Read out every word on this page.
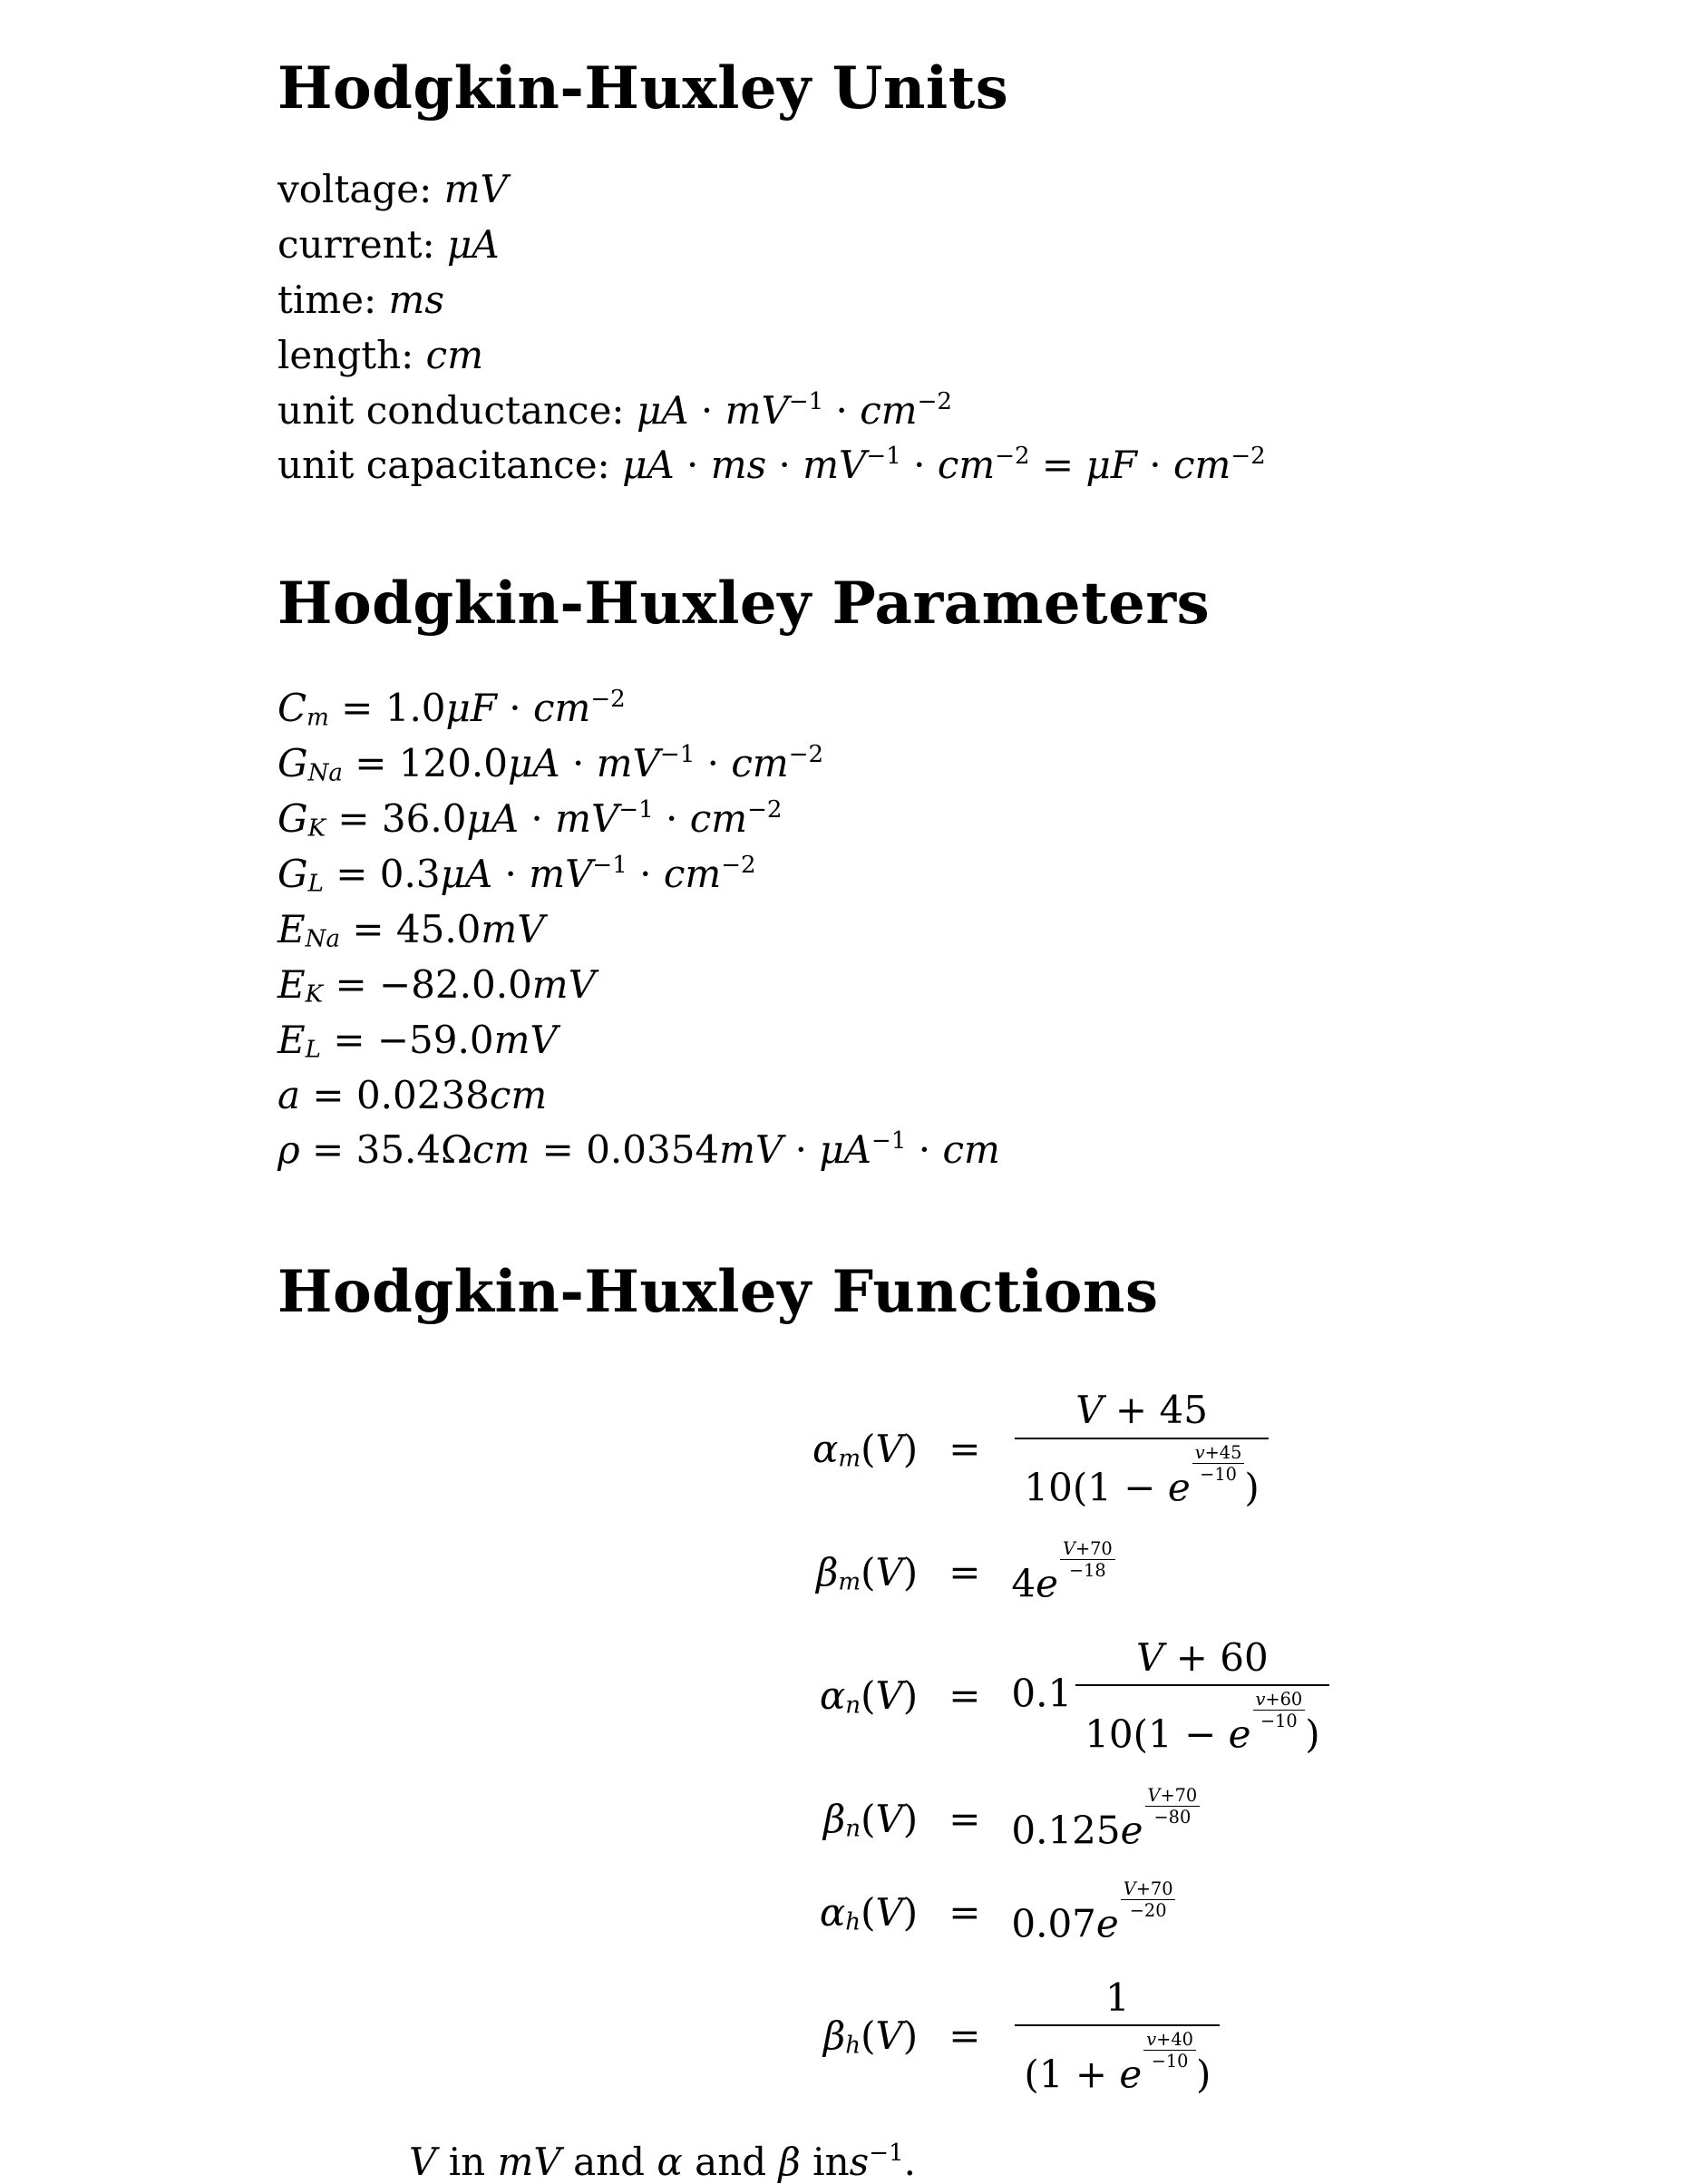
Hodgkin-Huxley Units
voltage: mV
current: μA
time: ms
length: cm
unit conductance: $\mu A \cdot mV^{-1} \cdot cm^{-2}$
unit capacitance: μA · ms · $mV^{-1} \cdot cm^{-2} = \mu F \cdot cm^{-2}$
Hodgkin-Huxley Parameters
$C_m = 1.0\mu F \cdot cm^{-2}$
$G_{Na} = 120.0\mu A \cdot mV^{-1} \cdot cm^{-2}$
$G_K = 36.0\mu A \cdot mV^{-1} \cdot cm^{-2}$
$G_L = 0.3\mu A \cdot mV^{-1} \cdot cm^{-2}$
$E_{Na} = 45.0mV$
$E_K = -82.0.0mV$
$E_L = -59.0mV$
a = 0.0238cm
$\rho = 35.4\Omega cm = 0.0354mV \cdot \mu A^{-1}$ · cm
Hodgkin-Huxley Functions
$\alpha_m(V) = V + 45$
10(1 − e
$\frac{v+45}{-10}$
)
$\beta_m(V) = 4e$
$\frac{V+70}{-18}$
$\alpha_n(V) = 0.1$ V + 60
10(1 − e
$\frac{v+60}{-10}$
)
$\beta_n(V) = 0.125e$
$\frac{V+70}{-80}$
$\alpha_h(V) = 0.07e$
$\frac{V+70}{-20}$
$\beta_h(V) = 1$
(1 + e
$\frac{v+40}{-10}$
)
V in mV and α and β ins$^{-1}$.
